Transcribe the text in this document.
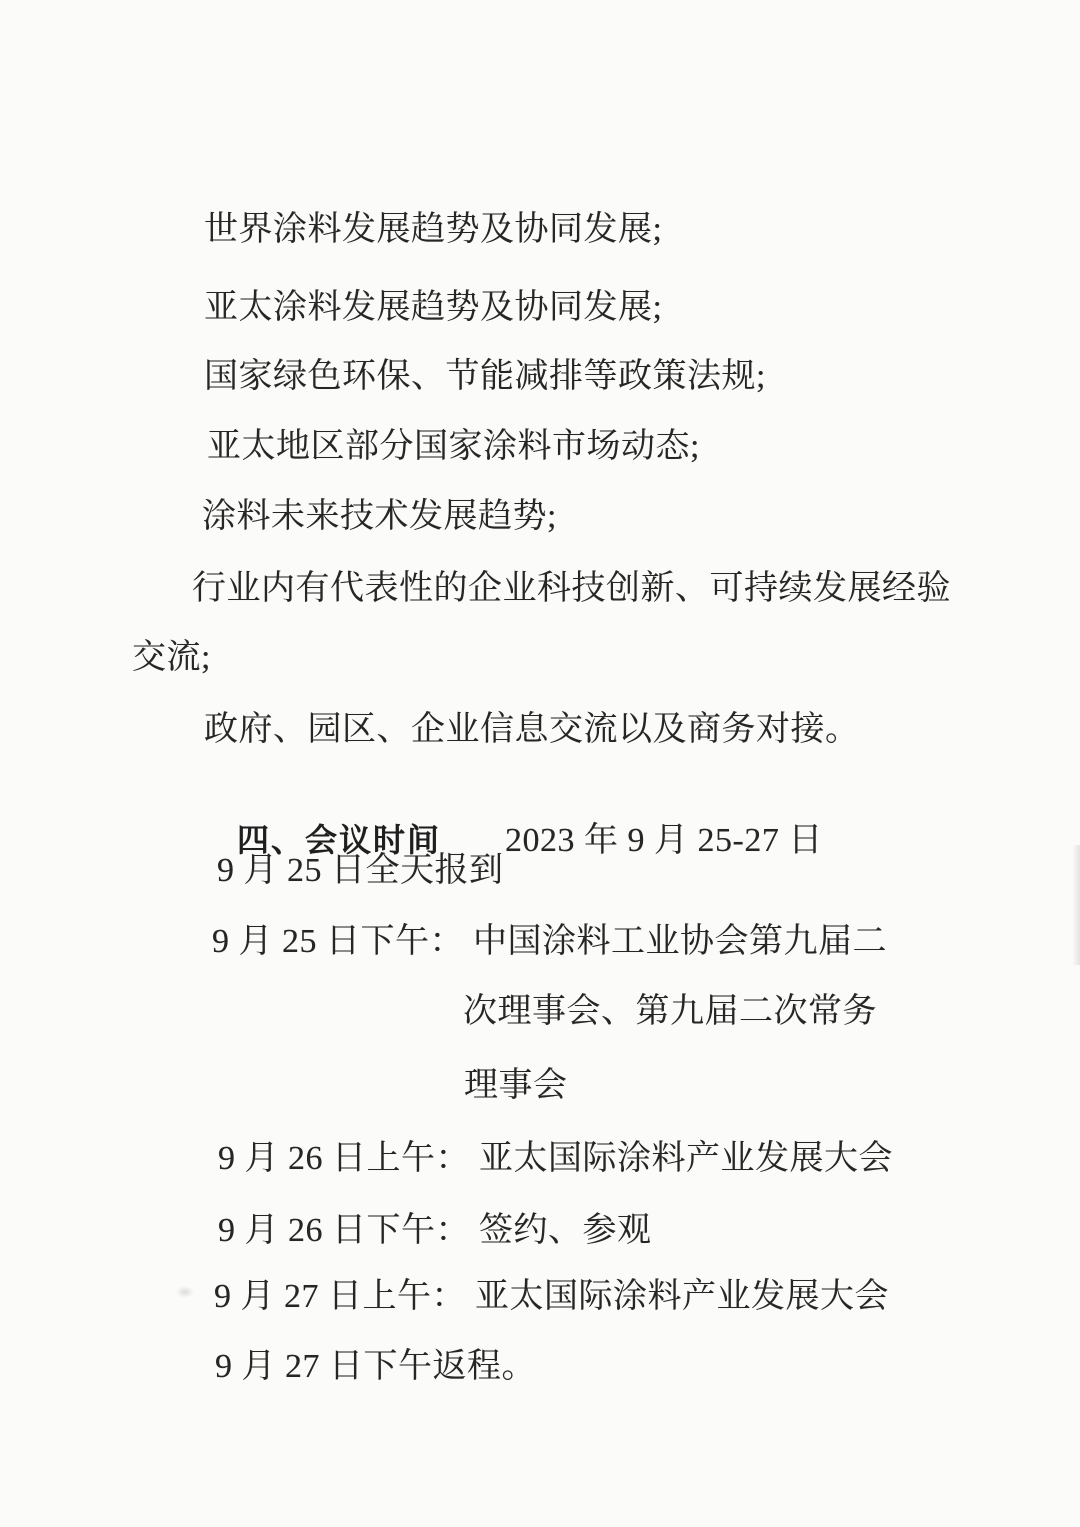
世界涂料发展趋势及协同发展;
亚太涂料发展趋势及协同发展;
国家绿色环保、节能减排等政策法规;
亚太地区部分国家涂料市场动态;
涂料未来技术发展趋势;
行业内有代表性的企业科技创新、可持续发展经验
交流;
政府、园区、企业信息交流以及商务对接。

四、会议时间 2023 年 9 月 25-27 日

9 月 25 日全天报到
9 月 25 日下午： 中国涂料工业协会第九届二
次理事会、第九届二次常务
理事会
9 月 26 日上午： 亚太国际涂料产业发展大会
9 月 26 日下午： 签约、参观
9 月 27 日上午： 亚太国际涂料产业发展大会
9 月 27 日下午返程。
